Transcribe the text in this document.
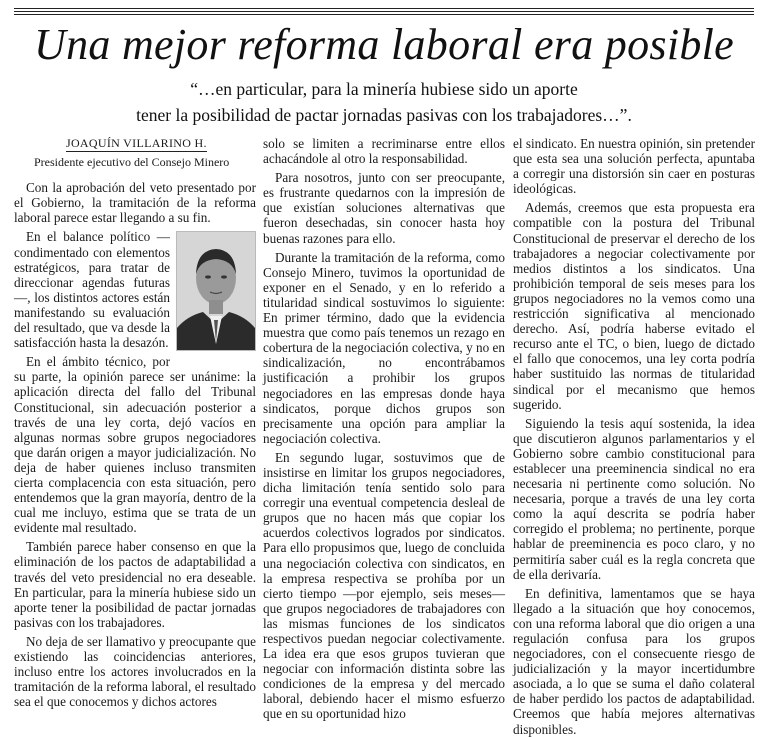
Una mejor reforma laboral era posible

“…en particular, para la minería hubiese sido un aporte

tener la posibilidad de pactar jornadas pasivas con los trabajadores…”.

JOAQUÍN VILLARINO H.

Presidente ejecutivo del Consejo Minero

Con la aprobación del veto presentado por el Gobierno, la tramitación de la reforma laboral parece estar llegando a su fin.

En el balance político —condimentado con elementos estratégicos, para tratar de direccionar agendas futuras—, los distintos actores están manifestando su evaluación del resultado, que va desde la satisfacción hasta la desazón.

En el ámbito técnico, por su parte, la opinión parece ser unánime: la aplicación directa del fallo del Tribunal Constitucional, sin adecuación posterior a través de una ley corta, dejó vacíos en algunas normas sobre grupos negociadores que darán origen a mayor judicialización. No deja de haber quienes incluso transmiten cierta complacencia con esta situación, pero entendemos que la gran mayoría, dentro de la cual me incluyo, estima que se trata de un evidente mal resultado.

También parece haber consenso en que la eliminación de los pactos de adaptabilidad a través del veto presidencial no era deseable. En particular, para la minería hubiese sido un aporte tener la posibilidad de pactar jornadas pasivas con los trabajadores.

No deja de ser llamativo y preocupante que existiendo las coincidencias anteriores, incluso entre los actores involucrados en la tramitación de la reforma laboral, el resultado sea el que conocemos y dichos actores

solo se limiten a recriminarse entre ellos achacándole al otro la responsabilidad.

Para nosotros, junto con ser preocupante, es frustrante quedarnos con la impresión de que existían soluciones alternativas que fueron desechadas, sin conocer hasta hoy buenas razones para ello.

Durante la tramitación de la reforma, como Consejo Minero, tuvimos la oportunidad de exponer en el Senado, y en lo referido a titularidad sindical sostuvimos lo siguiente: En primer término, dado que la evidencia muestra que como país tenemos un rezago en cobertura de la negociación colectiva, y no en sindicalización, no encontrábamos justificación a prohibir los grupos negociadores en las empresas donde haya sindicatos, porque dichos grupos son precisamente una opción para ampliar la negociación colectiva.

En segundo lugar, sostuvimos que de insistirse en limitar los grupos negociadores, dicha limitación tenía sentido solo para corregir una eventual competencia desleal de grupos que no hacen más que copiar los acuerdos colectivos logrados por sindicatos. Para ello propusimos que, luego de concluida una negociación colectiva con sindicatos, en la empresa respectiva se prohíba por un cierto tiempo —por ejemplo, seis meses— que grupos negociadores de trabajadores con las mismas funciones de los sindicatos respectivos puedan negociar colectivamente. La idea era que esos grupos tuvieran que negociar con información distinta sobre las condiciones de la empresa y del mercado laboral, debiendo hacer el mismo esfuerzo que en su oportunidad hizo

el sindicato. En nuestra opinión, sin pretender que esta sea una solución perfecta, apuntaba a corregir una distorsión sin caer en posturas ideológicas.

Además, creemos que esta propuesta era compatible con la postura del Tribunal Constitucional de preservar el derecho de los trabajadores a negociar colectivamente por medios distintos a los sindicatos. Una prohibición temporal de seis meses para los grupos negociadores no la vemos como una restricción significativa al mencionado derecho. Así, podría haberse evitado el recurso ante el TC, o bien, luego de dictado el fallo que conocemos, una ley corta podría haber sustituido las normas de titularidad sindical por el mecanismo que hemos sugerido.

Siguiendo la tesis aquí sostenida, la idea que discutieron algunos parlamentarios y el Gobierno sobre cambio constitucional para establecer una preeminencia sindical no era necesaria ni pertinente como solución. No necesaria, porque a través de una ley corta como la aquí descrita se podría haber corregido el problema; no pertinente, porque hablar de preeminencia es poco claro, y no permitiría saber cuál es la regla concreta que de ella derivaría.

En definitiva, lamentamos que se haya llegado a la situación que hoy conocemos, con una reforma laboral que dio origen a una regulación confusa para los grupos negociadores, con el consecuente riesgo de judicialización y la mayor incertidumbre asociada, a lo que se suma el daño colateral de haber perdido los pactos de adaptabilidad. Creemos que había mejores alternativas disponibles.
